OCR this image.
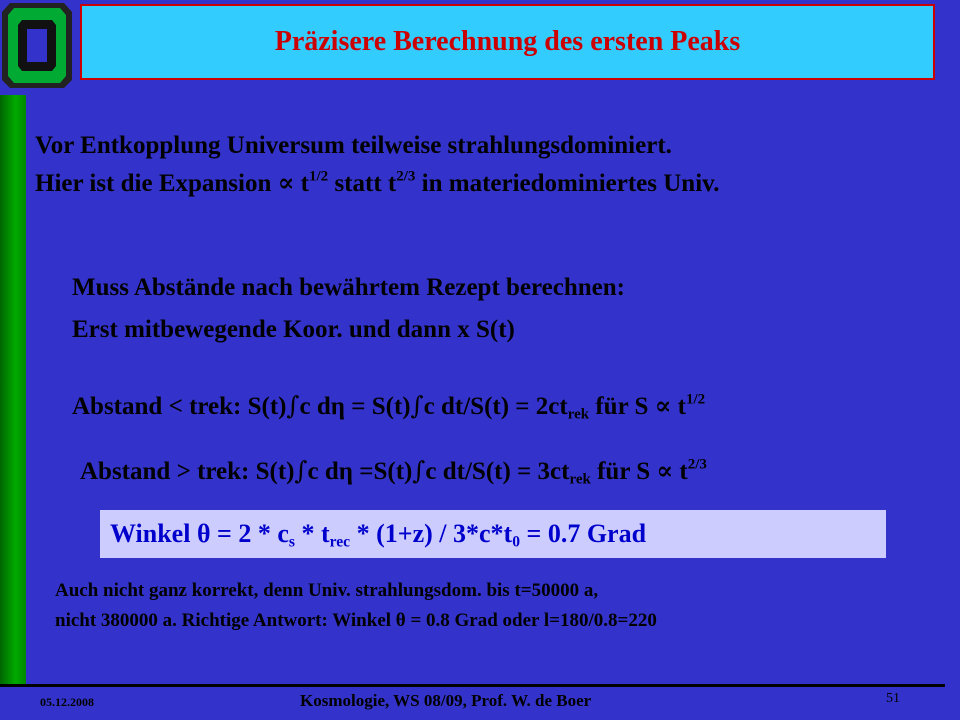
Präzisere Berechnung des ersten Peaks
Vor Entkopplung Universum teilweise strahlungsdominiert.
Hier ist die Expansion ∝ $t^{1/2}$ statt $t^{2/3}$ in materiedominiertes Univ.
Muss Abstände nach bewährtem Rezept berechnen:
Erst mitbewegende Koor. und dann x S(t)
Abstand < trek: S(t)∫c dη = S(t)∫c $dt/S(t) = 2ct_{rek}$ für $S \propto t^{1/2}$
Abstand > trek: S(t)∫c dη =S(t)∫c $dt/S(t) = 3ct_{rek}$ für $S \propto t^{2/3}$
Winkel $\theta = 2 * c_s * t_{rec} * (1+z) / 3*c*t_0 = 0.7$ Grad
Auch nicht ganz korrekt, denn Univ. strahlungsdom. bis t=50000 a,
nicht 380000 a. Richtige Antwort: Winkel θ = 0.8 Grad oder l=180/0.8=220
05.12.2008	Kosmologie, WS 08/09, Prof. W. de Boer	51
